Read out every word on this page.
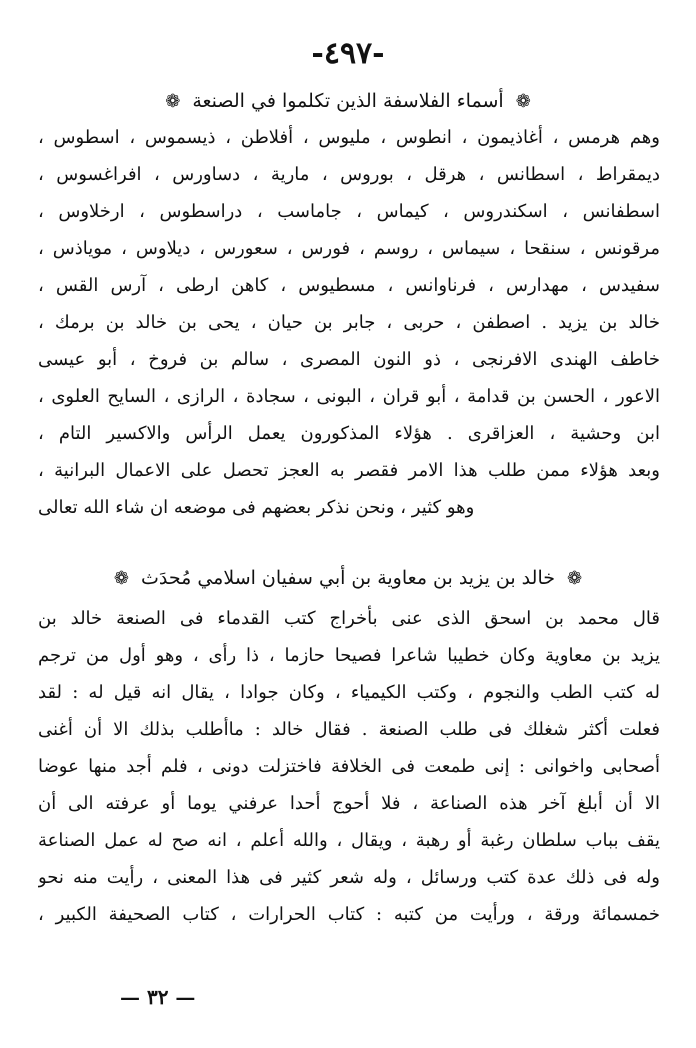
-٤٩٧-
❁ أسماء الفلاسفة الذين تكلموا في الصنعة ❁
وهم هرمس ، أغاذيمون ، انطوس ، مليوس ، أفلاطن ، ذيسموس ، اسطوس ،
ديمقراط ، اسطانس ، هرقل ، بوروس ، مارية ، دساورس ، افراغسوس ،
اسطفانس ، اسكندروس ، كيماس ، جاماسب ، دراسطوس ، ارخلاوس ،
مرقونس ، سنقحا ، سيماس ، روسم ، فورس ، سعورس ، ديلاوس ، موياذس ،
سفيدس ، مهدارس ، فرناوانس ، مسطيوس ، كاهن ارطى ، آرس القس ،
خالد بن يزيد . اصطفن ، حربى ، جابر بن حيان ، يحى بن خالد بن برمك ،
خاطف الهندى الافرنجى ، ذو النون المصرى ، سالم بن فروخ ، أبو عيسى
الاعور ، الحسن بن قدامة ، أبو قران ، البونى ، سجادة ، الرازى ، السايح العلوى ،
ابن وحشية ، العزاقرى . هؤلاء المذكورون يعمل الرأس والاكسير التام ،
وبعد هؤلاء ممن طلب هذا الامر فقصر به العجز تحصل على الاعمال البرانية ،
وهو كثير ، ونحن نذكر بعضهم فى موضعه ان شاء الله تعالى
❁ خالد بن يزيد بن معاوية بن أبي سفيان اسلامي مُحدَث ❁
قال محمد بن اسحق الذى عنى بأخراج كتب القدماء فى الصنعة خالد بن
يزيد بن معاوية وكان خطيبا شاعرا فصيحا حازما ، ذا رأى ، وهو أول من ترجم
له كتب الطب والنجوم ، وكتب الكيمياء ، وكان جوادا ، يقال انه قيل له : لقد
فعلت أكثر شغلك فى طلب الصنعة . فقال خالد : ماأطلب بذلك الا أن أغنى
أصحابى واخوانى : إنى طمعت فى الخلافة فاختزلت دونى ، فلم أجد منها عوضا
الا أن أبلغ آخر هذه الصناعة ، فلا أحوج أحدا عرفني يوما أو عرفته الى أن
يقف بباب سلطان رغبة أو رهبة ، ويقال ، والله أعلم ، انه صح له عمل الصناعة
وله فى ذلك عدة كتب ورسائل ، وله شعر كثير فى هذا المعنى ، رأيت منه نحو
خمسمائة ورقة ، ورأيت من كتبه : كتاب الحرارات ، كتاب الصحيفة الكبير ،
— ٣٢ —
